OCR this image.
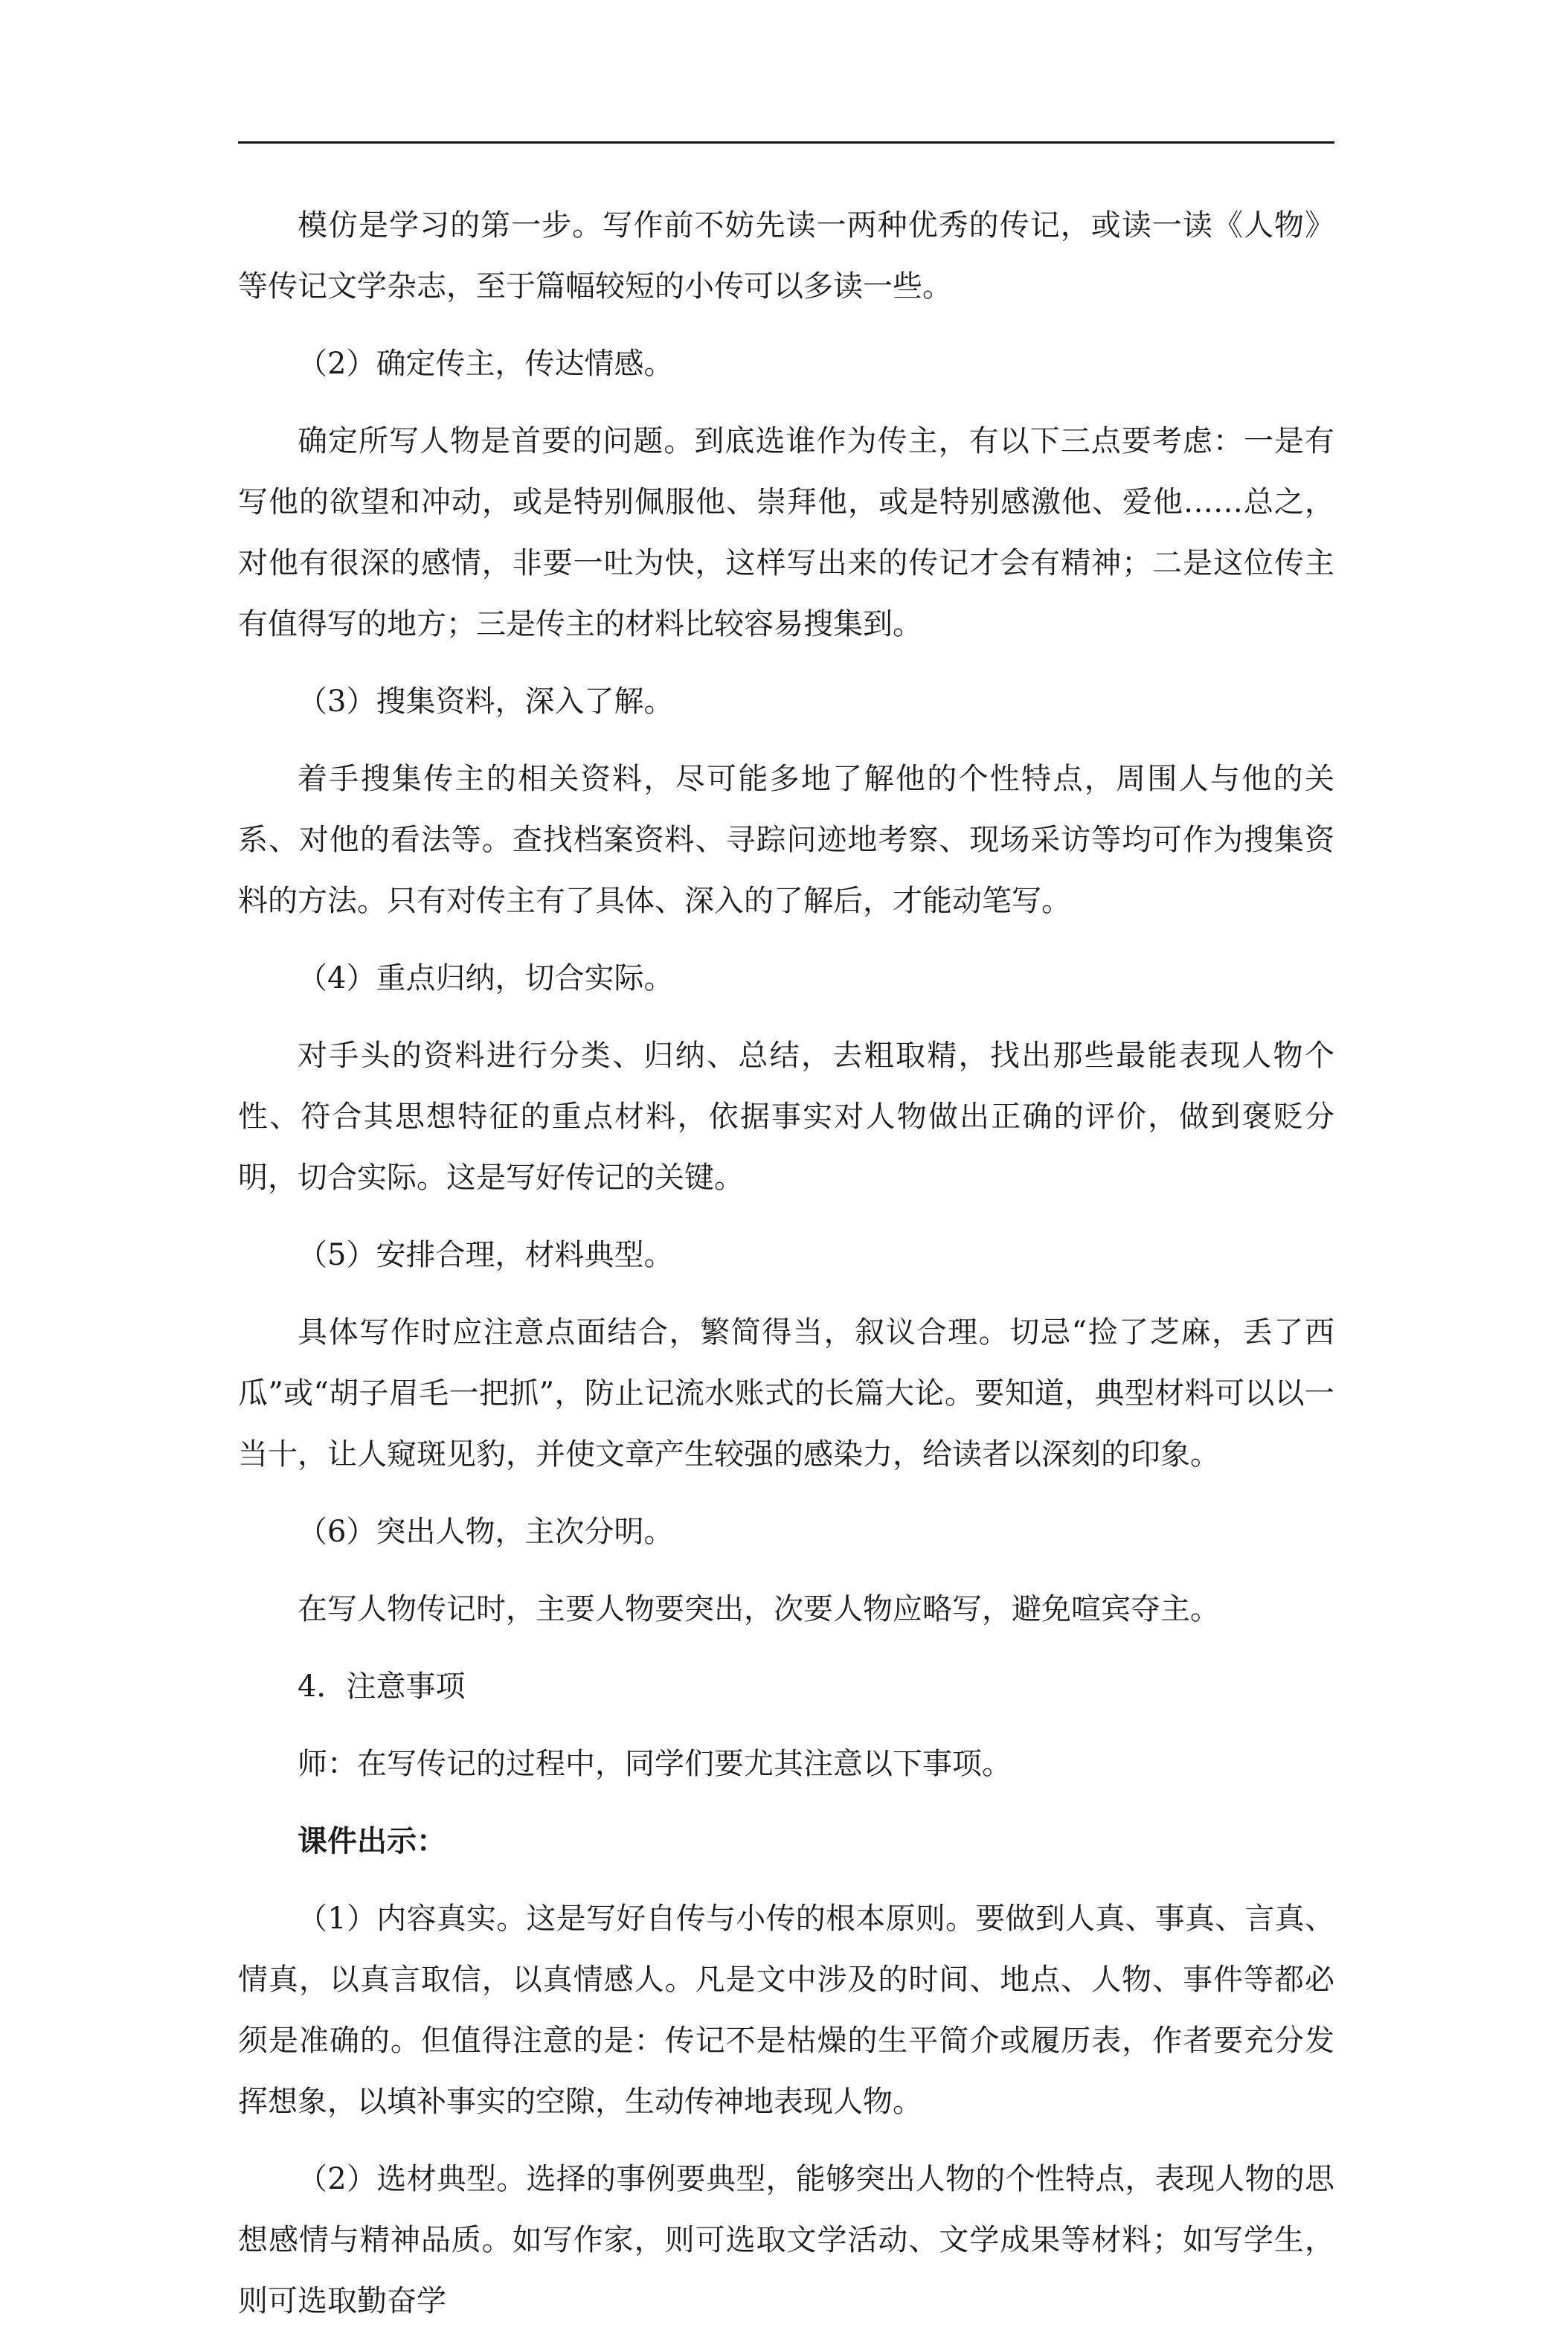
模仿是学习的第一步。写作前不妨先读一两种优秀的传记，或读一读《人物》等传记文学杂志，至于篇幅较短的小传可以多读一些。

（2）确定传主，传达情感。

确定所写人物是首要的问题。到底选谁作为传主，有以下三点要考虑：一是有写他的欲望和冲动，或是特别佩服他、崇拜他，或是特别感激他、爱他……总之，对他有很深的感情，非要一吐为快，这样写出来的传记才会有精神；二是这位传主有值得写的地方；三是传主的材料比较容易搜集到。

（3）搜集资料，深入了解。

着手搜集传主的相关资料，尽可能多地了解他的个性特点，周围人与他的关系、对他的看法等。查找档案资料、寻踪问迹地考察、现场采访等均可作为搜集资料的方法。只有对传主有了具体、深入的了解后，才能动笔写。

（4）重点归纳，切合实际。

对手头的资料进行分类、归纳、总结，去粗取精，找出那些最能表现人物个性、符合其思想特征的重点材料，依据事实对人物做出正确的评价，做到褒贬分明，切合实际。这是写好传记的关键。

（5）安排合理，材料典型。

具体写作时应注意点面结合，繁简得当，叙议合理。切忌“捡了芝麻，丢了西瓜”或“胡子眉毛一把抓”，防止记流水账式的长篇大论。要知道，典型材料可以以一当十，让人窥斑见豹，并使文章产生较强的感染力，给读者以深刻的印象。

（6）突出人物，主次分明。

在写人物传记时，主要人物要突出，次要人物应略写，避免喧宾夺主。

4．注意事项

师：在写传记的过程中，同学们要尤其注意以下事项。

课件出示：

（1）内容真实。这是写好自传与小传的根本原则。要做到人真、事真、言真、情真，以真言取信，以真情感人。凡是文中涉及的时间、地点、人物、事件等都必须是准确的。但值得注意的是：传记不是枯燥的生平简介或履历表，作者要充分发挥想象，以填补事实的空隙，生动传神地表现人物。

（2）选材典型。选择的事例要典型，能够突出人物的个性特点，表现人物的思想感情与精神品质。如写作家，则可选取文学活动、文学成果等材料；如写学生，则可选取勤奋学
